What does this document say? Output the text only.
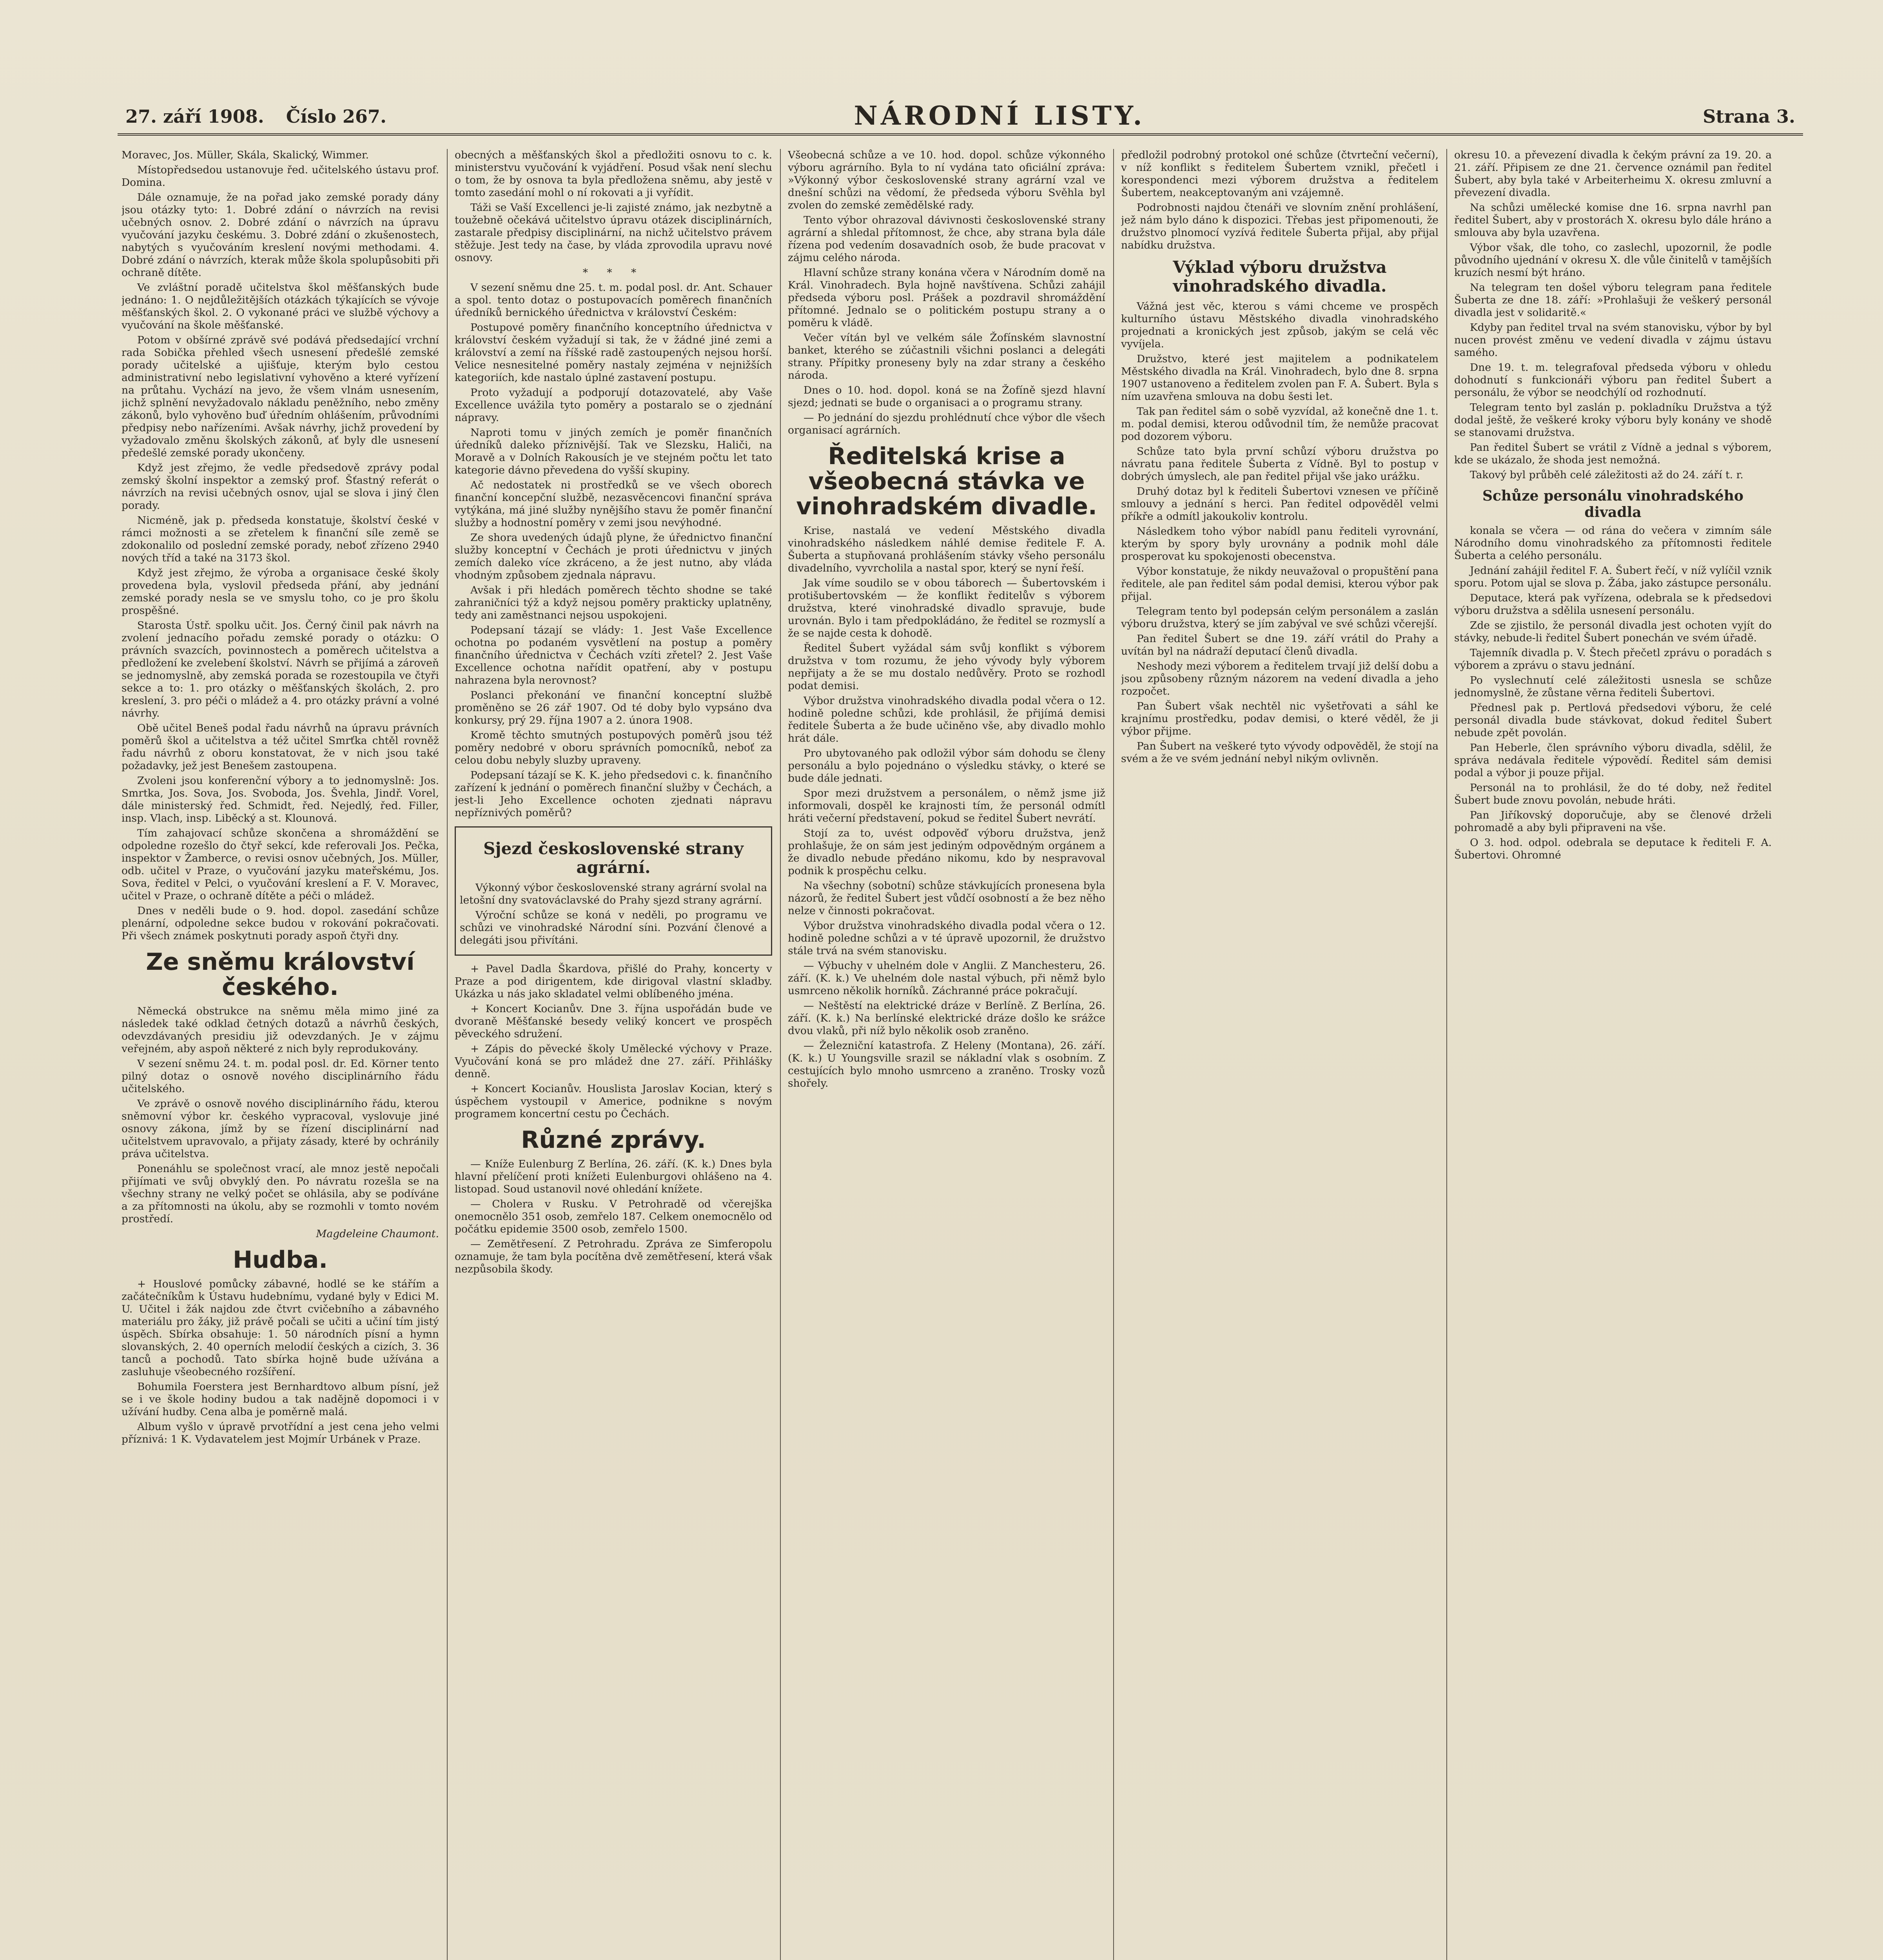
27. září 1908. Číslo 267.	NÁRODNÍ LISTY.	Strana 3.

Moravec, Jos. Müller, Skála, Skalický, Wimmer.

Místopředsedou ustanovuje řed. učitelského ústavu prof. Domina.

Dále oznamuje, že na pořad jako zemské porady dány jsou otázky tyto: 1. Dobré zdání o návrzích na revisi učebných osnov. 2. Dobré zdání o návrzích na úpravu vyučování jazyku českému. 3. Dobré zdání o zkušenostech, nabytých s vyučováním kreslení novými methodami. 4. Dobré zdání o návrzích, kterak může škola spolupůsobiti při ochraně dítěte.

Ve zvláštní poradě učitelstva škol měšťanských bude jednáno: 1. O nejdůležitějších otázkách týkajících se vývoje měšťanských škol. 2. O vykonané práci ve službě výchovy a vyučování na škole měšťanské.

Potom v obšírné zprávě své podává předsedající vrchní rada Sobička přehled všech usnesení předešlé zemské porady učitelské a ujišťuje, kterým bylo cestou administrativní nebo legislativní vyhověno a které vyřízení na průtahu. Vychází na jevo, že všem vlnám usnesením, jichž splnění nevyžadovalo nákladu peněžního, nebo změny zákonů, bylo vyhověno buď úředním ohlášením, průvodními předpisy nebo nařízeními. Avšak návrhy, jichž provedení by vyžadovalo změnu školských zákonů, ať byly dle usnesení předešlé zemské porady ukončeny.

Když jest zřejmo, že vedle předsedově zprávy podal zemský školní inspektor a zemský prof. Šťastný referát o návrzích na revisi učebných osnov, ujal se slova i jiný člen porady.

Nicméně, jak p. předseda konstatuje, školství české v rámci možnosti a se zřetelem k finanční síle země se zdokonalilo od poslední zemské porady, neboť zřízeno 2940 nových tříd a také na 3173 škol.

Když jest zřejmo, že výroba a organisace české školy provedena byla, vyslovil předseda přání, aby jednání zemské porady nesla se ve smyslu toho, co je pro školu prospěšné.

Starosta Ústř. spolku učit. Jos. Černý činil pak návrh na zvolení jednacího pořadu zemské porady o otázku: O právních svazcích, povinnostech a poměrech učitelstva a předložení ke zvelebení školství. Návrh se přijímá a zároveň se jednomyslně, aby zemská porada se rozestoupila ve čtyři sekce a to: 1. pro otázky o měšťanských školách, 2. pro kreslení, 3. pro péči o mládež a 4. pro otázky právní a volné návrhy.

Obě učitel Beneš podal řadu návrhů na úpravu právních poměrů škol a učitelstva a též učitel Smrťka chtěl rovněž řadu návrhů z oboru konstatovat, že v nich jsou také požadavky, jež jest Benešem zastoupena.

Zvoleni jsou konferenční výbory a to jednomyslně: Jos. Smrtka, Jos. Sova, Jos. Svoboda, Jos. Švehla, Jindř. Vorel, dále ministerský řed. Schmidt, řed. Nejedlý, řed. Filler, insp. Vlach, insp. Liběcký a st. Klounová.

Tím zahajovací schůze skončena a shromáždění se odpoledne rozešlo do čtyř sekcí, kde referovali Jos. Pečka, inspektor v Žamberce, o revisi osnov učebných, Jos. Müller, odb. učitel v Praze, o vyučování jazyku mateřskému, Jos. Sova, ředitel v Pelci, o vyučování kreslení a F. V. Moravec, učitel v Praze, o ochraně dítěte a péči o mládež.

Dnes v neděli bude o 9. hod. dopol. zasedání schůze plenární, odpoledne sekce budou v rokování pokračovati. Při všech známek poskytnuti porady aspoň čtyři dny.

Ze sněmu království českého.

Německá obstrukce na sněmu měla mimo jiné za následek také odklad četných dotazů a návrhů českých, odevzdávaných presidiu již odevzdaných. Je v zájmu veřejném, aby aspoň některé z nich byly reprodukovány.

V sezení sněmu 24. t. m. podal posl. dr. Ed. Körner tento pilný dotaz o osnově nového disciplinárního řádu učitelského.

Ve zprávě o osnově nového disciplinárního řádu, kterou sněmovní výbor kr. českého vypracoval, vyslovuje jiné osnovy zákona, jímž by se řízení disciplinární nad učitelstvem upravovalo, a přijaty zásady, které by ochránily práva učitelstva.

Ponenáhlu se společnost vrací, ale mnoz jestě nepočali přijímati ve svůj obvyklý den. Po návratu rozešla se na všechny strany ne velký počet se ohlásila, aby se podíváne a za přítomnosti na úkolu, aby se rozmohli v tomto novém prostředí.

Magdeleine Chaumont.

Hudba.

+ Houslové pomůcky zábavné, hodlé se ke stářím a začátečníkům k Ústavu hudebnímu, vydané byly v Edici M. U. Učitel i žák najdou zde čtvrt cvičebního a zábavného materiálu pro žáky, již právě počali se učiti a učiní tím jistý úspěch. Sbírka obsahuje: 1. 50 národních písní a hymn slovanských, 2. 40 operních melodií českých a cizích, 3. 36 tanců a pochodů. Tato sbírka hojně bude užívána a zasluhuje všeobecného rozšíření.

Bohumila Foerstera jest Bernhardtovo album písní, jež se i ve škole hodiny budou a tak nadějně dopomoci i v užívání hudby. Cena alba je poměrně malá.

Album vyšlo v úpravě prvotřídní a jest cena jeho velmi příznivá: 1 K. Vydavatelem jest Mojmír Urbánek v Praze.

obecných a měšťanských škol a předložiti osnovu to c. k. ministerstvu vyučování k vyjádření. Posud však není slechu o tom, že by osnova ta byla předložena sněmu, aby jestě v tomto zasedání mohl o ní rokovati a ji vyřídit.

Táži se Vaší Excellenci je-li zajisté známo, jak nezbytně a toužebně očekává učitelstvo úpravu otázek disciplinárních, zastarale předpisy disciplinární, na nichž učitelstvo právem stěžuje. Jest tedy na čase, by vláda zprovodila upravu nové osnovy.

* * *

V sezení sněmu dne 25. t. m. podal posl. dr. Ant. Schauer a spol. tento dotaz o postupovacích poměrech finančních úředníků bernického úřednictva v království Českém:

Postupové poměry finančního konceptního úřednictva v království českém vyžadují si tak, že v žádné jiné zemi a království a zemí na říšské radě zastoupených nejsou horší. Velice nesnesitelné poměry nastaly zejména v nejnižších kategoriích, kde nastalo úplné zastavení postupu.

Proto vyžadují a podporují dotazovatelé, aby Vaše Excellence uvážila tyto poměry a postaralo se o zjednání nápravy.

Naproti tomu v jiných zemích je poměr finančních úředníků daleko příznivější. Tak ve Slezsku, Haliči, na Moravě a v Dolních Rakousích je ve stejném počtu let tato kategorie dávno převedena do vyšší skupiny.

Ač nedostatek ni prostředků se ve všech oborech finanční koncepční službě, nezasvěcencovi finanční správa vytýkána, má jiné služby nynějšího stavu že poměr finanční služby a hodnostní poměry v zemi jsou nevýhodné.

Ze shora uvedených údajů plyne, že úřednictvo finanční služby konceptní v Čechách je proti úřednictvu v jiných zemích daleko více zkráceno, a že jest nutno, aby vláda vhodným způsobem zjednala nápravu.

Avšak i při hledách poměrech těchto shodne se také zahraničníci týž a když nejsou poměry prakticky uplatněny, tedy ani zaměstnanci nejsou uspokojeni.

Podepsaní tázají se vlády: 1. Jest Vaše Excellence ochotna po podaném vysvětlení na postup a poměry finančního úřednictva v Čechách vzíti zřetel? 2. Jest Vaše Excellence ochotna nařídit opatření, aby v postupu nahrazena byla nerovnost?

Poslanci překonání ve finanční konceptní službě proměněno se 26 zář 1907. Od té doby bylo vypsáno dva konkursy, prý 29. října 1907 a 2. února 1908.

Kromě těchto smutných postupových poměrů jsou též poměry nedobré v oboru správních pomocníků, neboť za celou dobu nebyly sluzby upraveny.

Podepsaní tázají se K. K. jeho předsedovi c. k. finančního zařízení k jednání o poměrech finanční služby v Čechách, a jest-li Jeho Excellence ochoten zjednati nápravu nepříznivých poměrů?

Sjezd československé strany agrární.

Výkonný výbor československé strany agrární svolal na letošní dny svatováclavské do Prahy sjezd strany agrární.

Výroční schůze se koná v neděli, po programu ve schůzi ve vinohradské Národní síni. Pozvání členové a delegáti jsou přivítáni.

+ Pavel Dadla Škardova, přišlé do Prahy, koncerty v Praze a pod dirigentem, kde dirigoval vlastní skladby. Ukázka u nás jako skladatel velmi oblíbeného jména.

+ Koncert Kocianův. Dne 3. října uspořádán bude ve dvoraně Měšťanské besedy veliký koncert ve prospěch pěveckého sdružení.

+ Zápis do pěvecké školy Umělecké výchovy v Praze. Vyučování koná se pro mládež dne 27. září. Přihlášky denně.

+ Koncert Kocianův. Houslista Jaroslav Kocian, který s úspěchem vystoupil v Americe, podnikne s novým programem koncertní cestu po Čechách.

Různé zprávy.

— Kníže Eulenburg Z Berlína, 26. září. (K. k.) Dnes byla hlavní přelíčení proti knížeti Eulenburgovi ohlášeno na 4. listopad. Soud ustanovil nové ohledání knížete.

— Cholera v Rusku. V Petrohradě od včerejška onemocnělo 351 osob, zemřelo 187. Celkem onemocnělo od počátku epidemie 3500 osob, zemřelo 1500.

— Zemětřesení. Z Petrohradu. Zpráva ze Simferopolu oznamuje, že tam byla pocítěna dvě zemětřesení, která však nezpůsobila škody.

Všeobecná schůze a ve 10. hod. dopol. schůze výkonného výboru agrárního. Byla to ní vydána tato oficiální zpráva: »Výkonný výbor československé strany agrární vzal ve dnešní schůzi na vědomí, že předseda výboru Svěhla byl zvolen do zemské zemědělské rady.

Tento výbor ohrazoval dávivnosti československé strany agrární a shledal přítomnost, že chce, aby strana byla dále řízena pod vedením dosavadních osob, že bude pracovat v zájmu celého národa.

Hlavní schůze strany konána včera v Národním domě na Král. Vinohradech. Byla hojně navštívena. Schůzi zahájil předseda výboru posl. Prášek a pozdravil shromáždění přítomné. Jednalo se o politickém postupu strany a o poměru k vládě.

Večer vítán byl ve velkém sále Žofínském slavnostní banket, kterého se zúčastnili všichni poslanci a delegáti strany. Přípitky proneseny byly na zdar strany a českého národa.

Dnes o 10. hod. dopol. koná se na Žofíně sjezd hlavní sjezd; jednati se bude o organisaci a o programu strany.

— Po jednání do sjezdu prohlédnutí chce výbor dle všech organisací agrárních.

Ředitelská krise a všeobecná stávka ve vinohradském divadle.

Krise, nastalá ve vedení Městského divadla vinohradského následkem náhlé demise ředitele F. A. Šuberta a stupňovaná prohlášením stávky všeho personálu divadelního, vyvrcholila a nastal spor, který se nyní řeší.

Jak víme soudilo se v obou táborech — Šubertovském i protišubertovském — že konflikt ředitelův s výborem družstva, které vinohradské divadlo spravuje, bude urovnán. Bylo i tam předpokládáno, že ředitel se rozmyslí a že se najde cesta k dohodě.

Ředitel Šubert vyžádal sám svůj konflikt s výborem družstva v tom rozumu, že jeho vývody byly výborem nepřijaty a že se mu dostalo nedůvěry. Proto se rozhodl podat demisi.

Výbor družstva vinohradského divadla podal včera o 12. hodině poledne schůzi, kde prohlásil, že přijímá demisi ředitele Šuberta a že bude učiněno vše, aby divadlo mohlo hrát dále.

Pro ubytovaného pak odložil výbor sám dohodu se členy personálu a bylo pojednáno o výsledku stávky, o které se bude dále jednati.

Spor mezi družstvem a personálem, o němž jsme již informovali, dospěl ke krajnosti tím, že personál odmítl hráti večerní představení, pokud se ředitel Šubert nevrátí.

Stojí za to, uvést odpověď výboru družstva, jenž prohlašuje, že on sám jest jediným odpovědným orgánem a že divadlo nebude předáno nikomu, kdo by nespravoval podnik k prospěchu celku.

Na všechny (sobotní) schůze stávkujících pronesena byla názorů, že ředitel Šubert jest vůdčí osobností a že bez něho nelze v činnosti pokračovat.

Výbor družstva vinohradského divadla podal včera o 12. hodině poledne schůzi a v té úpravě upozornil, že družstvo stále trvá na svém stanovisku.

— Výbuchy v uhelném dole v Anglii. Z Manchesteru, 26. září. (K. k.) Ve uhelném dole nastal výbuch, při němž bylo usmrceno několik horníků. Záchranné práce pokračují.

— Neštěstí na elektrické dráze v Berlíně. Z Berlína, 26. září. (K. k.) Na berlínské elektrické dráze došlo ke srážce dvou vlaků, při níž bylo několik osob zraněno.

— Železniční katastrofa. Z Heleny (Montana), 26. září. (K. k.) U Youngsville srazil se nákladní vlak s osobním. Z cestujících bylo mnoho usmrceno a zraněno. Trosky vozů shořely.

předložil podrobný protokol oné schůze (čtvrteční večerní), v níž konflikt s ředitelem Šubertem vznikl, přečetl i korespondenci mezi výborem družstva a ředitelem Šubertem, neakceptovaným ani vzájemně.

Podrobnosti najdou čtenáři ve slovním znění prohlášení, jež nám bylo dáno k dispozici. Třebas jest připomenouti, že družstvo plnomocí vyzívá ředitele Šuberta přijal, aby přijal nabídku družstva.

Výklad výboru družstva vinohradského divadla.

Vážná jest věc, kterou s vámi chceme ve prospěch kulturního ústavu Městského divadla vinohradského projednati a kronických jest způsob, jakým se celá věc vyvíjela.

Družstvo, které jest majitelem a podnikatelem Městského divadla na Král. Vinohradech, bylo dne 8. srpna 1907 ustanoveno a ředitelem zvolen pan F. A. Šubert. Byla s ním uzavřena smlouva na dobu šesti let.

Tak pan ředitel sám o sobě vyzvídal, až konečně dne 1. t. m. podal demisi, kterou odůvodnil tím, že nemůže pracovat pod dozorem výboru.

Schůze tato byla první schůzí výboru družstva po návratu pana ředitele Šuberta z Vídně. Byl to postup v dobrých úmyslech, ale pan ředitel přijal vše jako urážku.

Druhý dotaz byl k řediteli Šubertovi vznesen ve příčině smlouvy a jednání s herci. Pan ředitel odpověděl velmi příkře a odmítl jakoukoliv kontrolu.

Následkem toho výbor nabídl panu řediteli vyrovnání, kterým by spory byly urovnány a podnik mohl dále prosperovat ku spokojenosti obecenstva.

Výbor konstatuje, že nikdy neuvažoval o propuštění pana ředitele, ale pan ředitel sám podal demisi, kterou výbor pak přijal.

Telegram tento byl podepsán celým personálem a zaslán výboru družstva, který se jím zabýval ve své schůzi včerejší.

Pan ředitel Šubert se dne 19. září vrátil do Prahy a uvítán byl na nádraží deputací členů divadla.

Neshody mezi výborem a ředitelem trvají již delší dobu a jsou způsobeny různým názorem na vedení divadla a jeho rozpočet.

Pan Šubert však nechtěl nic vyšetřovati a sáhl ke krajnímu prostředku, podav demisi, o které věděl, že ji výbor přijme.

Pan Šubert na veškeré tyto vývody odpověděl, že stojí na svém a že ve svém jednání nebyl nikým ovlivněn.

okresu 10. a převezení divadla k čekým právní za 19. 20. a 21. září. Připisem ze dne 21. července oznámil pan ředitel Šubert, aby byla také v Arbeiterheimu X. okresu zmluvní a převezení divadla.

Na schůzi umělecké komise dne 16. srpna navrhl pan ředitel Šubert, aby v prostorách X. okresu bylo dále hráno a smlouva aby byla uzavřena.

Výbor však, dle toho, co zaslechl, upozornil, že podle původního ujednání v okresu X. dle vůle činitelů v tamějších kruzích nesmí být hráno.

Na telegram ten došel výboru telegram pana ředitele Šuberta ze dne 18. září: »Prohlašuji že veškerý personál divadla jest v solidaritě.«

Kdyby pan ředitel trval na svém stanovisku, výbor by byl nucen provést změnu ve vedení divadla v zájmu ústavu samého.

Dne 19. t. m. telegrafoval předseda výboru v ohledu dohodnutí s funkcionáři výboru pan ředitel Šubert a personálu, že výbor se neodchýlí od rozhodnutí.

Telegram tento byl zaslán p. pokladníku Družstva a týž dodal ještě, že veškeré kroky výboru byly konány ve shodě se stanovami družstva.

Pan ředitel Šubert se vrátil z Vídně a jednal s výborem, kde se ukázalo, že shoda jest nemožná.

Takový byl průběh celé záležitosti až do 24. září t. r.

Schůze personálu vinohradského divadla

konala se včera — od rána do večera v zimním sále Národního domu vinohradského za přítomnosti ředitele Šuberta a celého personálu.

Jednání zahájil ředitel F. A. Šubert řečí, v níž vylíčil vznik sporu. Potom ujal se slova p. Žába, jako zástupce personálu.

Deputace, která pak vyřízena, odebrala se k předsedovi výboru družstva a sdělila usnesení personálu.

Zde se zjistilo, že personál divadla jest ochoten vyjít do stávky, nebude-li ředitel Šubert ponechán ve svém úřadě.

Tajemník divadla p. V. Štech přečetl zprávu o poradách s výborem a zprávu o stavu jednání.

Po vyslechnutí celé záležitosti usnesla se schůze jednomyslně, že zůstane věrna řediteli Šubertovi.

Přednesl pak p. Pertlová předsedovi výboru, že celé personál divadla bude stávkovat, dokud ředitel Šubert nebude zpět povolán.

Pan Heberle, člen správního výboru divadla, sdělil, že správa nedávala ředitele výpovědí. Ředitel sám demisi podal a výbor ji pouze přijal.

Personál na to prohlásil, že do té doby, než ředitel Šubert bude znovu povolán, nebude hráti.

Pan Jiříkovský doporučuje, aby se členové drželi pohromadě a aby byli připraveni na vše.

O 3. hod. odpol. odebrala se deputace k řediteli F. A. Šubertovi. Ohromné
